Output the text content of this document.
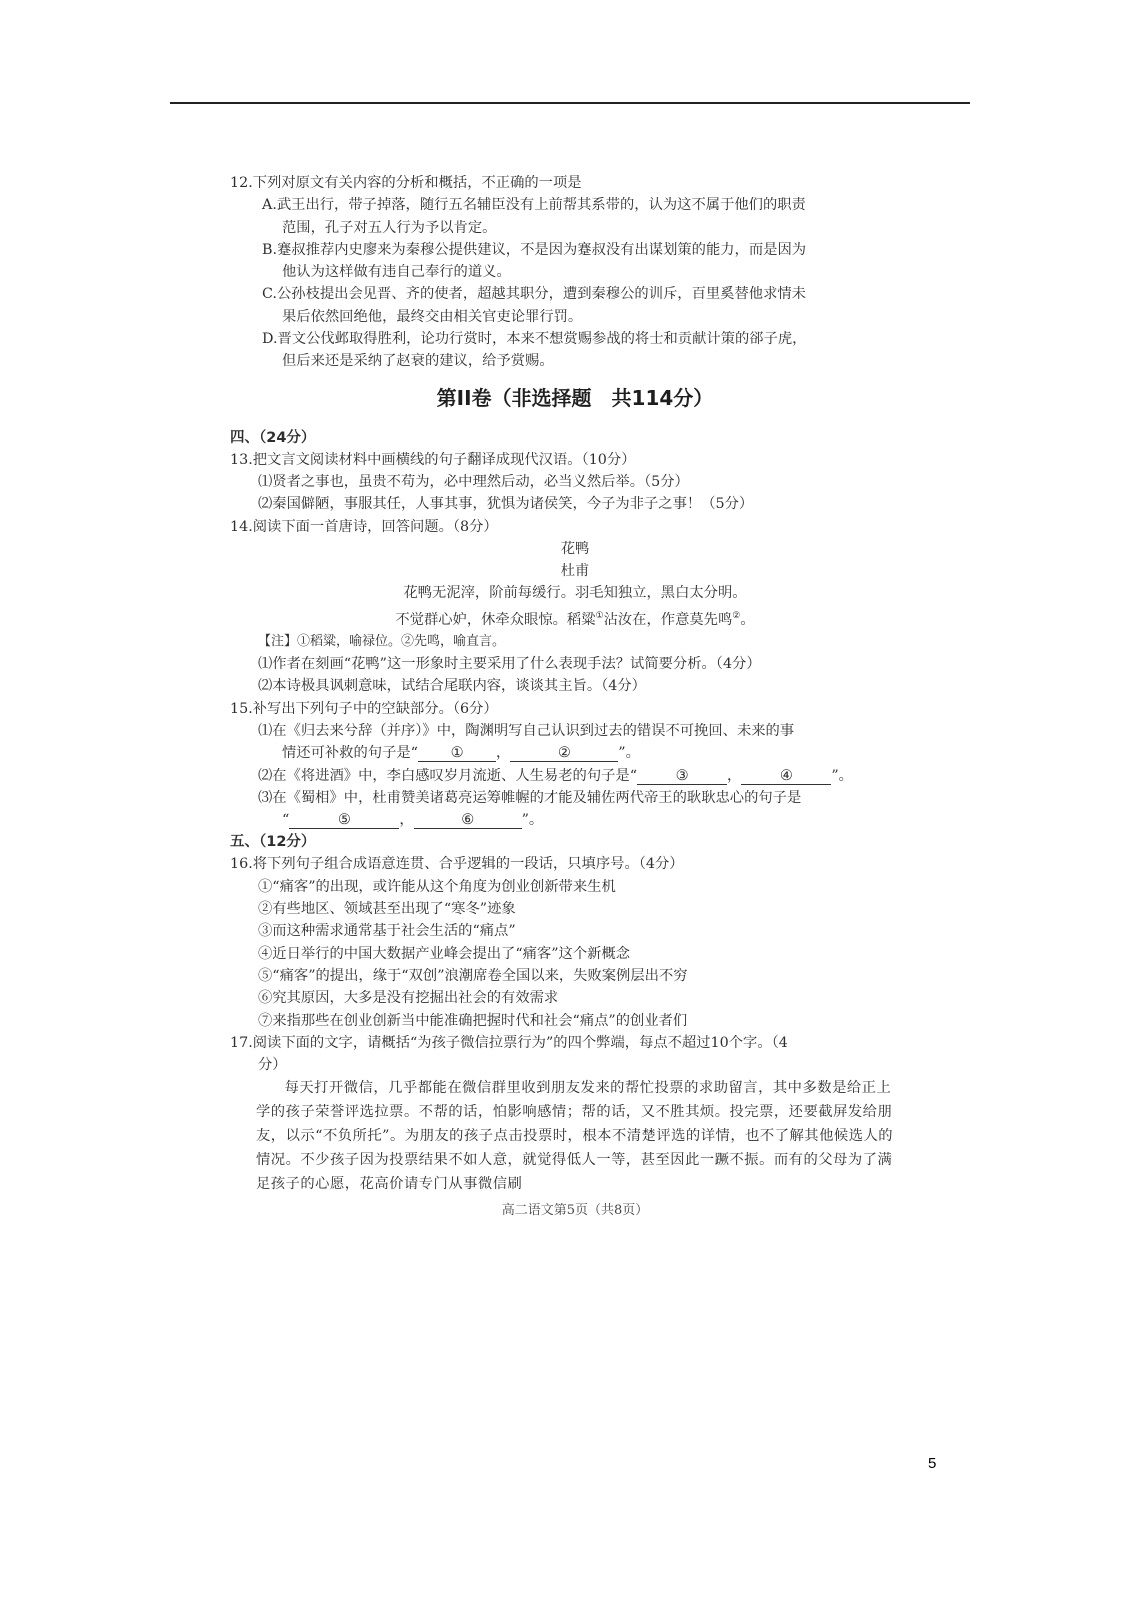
12.下列对原文有关内容的分析和概括，不正确的一项是
A.武王出行，带子掉落，随行五名辅臣没有上前帮其系带的，认为这不属于他们的职责
范围，孔子对五人行为予以肯定。
B.蹇叔推荐内史廖来为秦穆公提供建议，不是因为蹇叔没有出谋划策的能力，而是因为
他认为这样做有违自己奉行的道义。
C.公孙枝提出会见晋、齐的使者，超越其职分，遭到秦穆公的训斥，百里奚替他求情未
果后依然回绝他，最终交由相关官吏论罪行罚。
D.晋文公伐邺取得胜利，论功行赏时，本来不想赏赐参战的将士和贡献计策的郤子虎，
但后来还是采纳了赵衰的建议，给予赏赐。
第II卷（非选择题　共114分）
四、（24分）
13.把文言文阅读材料中画横线的句子翻译成现代汉语。（10分）
⑴贤者之事也，虽贵不苟为，必中理然后动，必当义然后举。（5分）
⑵秦国僻陋，事服其任，人事其事，犹惧为诸侯笑，今子为非子之事！（5分）
14.阅读下面一首唐诗，回答问题。（8分）
花鸭
杜甫
花鸭无泥滓，阶前每缓行。羽毛知独立，黑白太分明。
不觉群心妒，休牵众眼惊。稻粱①沾汝在，作意莫先鸣②。
【注】①稻粱，喻禄位。②先鸣，喻直言。
⑴作者在刻画“花鸭”这一形象时主要采用了什么表现手法？试简要分析。（4分）
⑵本诗极具讽刺意味，试结合尾联内容，谈谈其主旨。（4分）
15.补写出下列句子中的空缺部分。（6分）
⑴在《归去来兮辞（并序）》中，陶渊明写自己认识到过去的错误不可挽回、未来的事
情还可补救的句子是“ ① ，	②	”。
⑵在《将进酒》中，李白感叹岁月流逝、人生易老的句子是“	③	，	④	”。
⑶在《蜀相》中，杜甫赞美诸葛亮运筹帷幄的才能及辅佐两代帝王的耿耿忠心的句子是
“	⑤	，	⑥	”。
五、（12分）
16.将下列句子组合成语意连贯、合乎逻辑的一段话，只填序号。（4分）
①“痛客”的出现，或许能从这个角度为创业创新带来生机
②有些地区、领域甚至出现了“寒冬”迹象
③而这种需求通常基于社会生活的“痛点”
④近日举行的中国大数据产业峰会提出了“痛客”这个新概念
⑤“痛客”的提出，缘于“双创”浪潮席卷全国以来，失败案例层出不穷
⑥究其原因，大多是没有挖掘出社会的有效需求
⑦来指那些在创业创新当中能准确把握时代和社会“痛点”的创业者们
17.阅读下面的文字，请概括“为孩子微信拉票行为”的四个弊端，每点不超过10个字。（4
分）
每天打开微信，几乎都能在微信群里收到朋友发来的帮忙投票的求助留言，其中多数是给正上学的孩子荣誉评选拉票。不帮的话，怕影响感情；帮的话，又不胜其烦。投完票，还要截屏发给朋友，以示“不负所托”。为朋友的孩子点击投票时，根本不清楚评选的详情，也不了解其他候选人的情况。不少孩子因为投票结果不如人意，就觉得低人一等，甚至因此一蹶不振。而有的父母为了满足孩子的心愿，花高价请专门从事微信刷
高二语文第5页（共8页）
5
